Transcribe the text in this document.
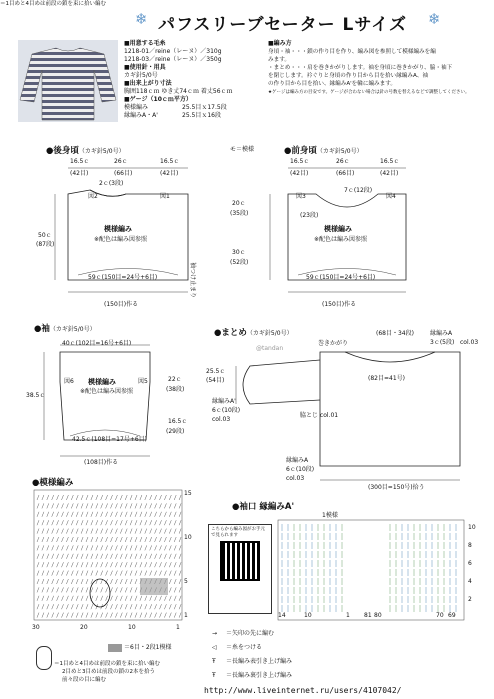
❄ パフスリーブセーター Lサイズ ❄
■用意する毛糸
1218-01／reine（レーヌ）／310g
1218-03／reine（レーヌ）／350g
■使用針・用具
カギ針5/0号
■出来上がり寸法
胸囲118ｃｍ ゆき丈74ｃｍ 着丈56ｃｍ
■ゲージ（10ｃｍ平方）
模様編み	25.5目ｘ17.5段
縁編みA・A'	25.5目ｘ16段
■編み方
身頃・袖・・・鎖の作り目を作り、編み図を参照して模様編みを編
みます。
・まとめ・・・肩を巻きかがりします。袖を身頃に巻きかがり、脇・袖下
を閉じします。衿ぐりと身頃の作り目から目を拾い縁編みA、袖
の作り目から目を拾い、縁編みA'を輪に編みます。
★ゲージは編み方の目安です。ゲージが合わない場合は針の号数を替えるなどで調整してください。
●後身頃（カギ針5/0号）
16.5ｃ	26ｃ	16.5ｃ
(42目)	(66目)	(42目)
2ｃ(3段)
図2	図1
模様編み
※配色は編み図参照
50ｃ
(87段)
59ｃ(150目=24号+6目)
(150目)作る
袖つけ止まり
モ＝模様	●前身頃（カギ針5/0号）
16.5ｃ	26ｃ	16.5ｃ
(42目)	(66目)	(42目)
7ｃ(12段)
(23段)
図3	図4
模様編み
※配色は編み図参照
20ｃ
(35段)
30ｃ
(52段)
59ｃ(150目=24号+6目)
(150目)作る
●袖（カギ針5/0号）
40ｃ(102目=16号+6目)
図5
図6 模様編み
※配色は編み図参照
38.5ｃ
22ｃ
(38段)
16.5ｃ
(29段)
42.5ｃ(108目=17号+6目)
(108目)作る
●まとめ（カギ針5/0号）	(68目・34段)	縁編みA
3ｃ(5段) col.03
巻きかがり
(82目=41号)
@tandan
縁編みA'
6ｃ(10段)
col.03
25.5ｃ
(54目)
脇とじ col.01
縁編みA
6ｃ(10段)
col.03
(300目=150号)拾う
●模様編み
15
10
5
1
30	20	10	1
＝6目・2段1模様
＝1目めと4目めは前段の鎖を束に拾い編む
＝1目めと4目めは前段の鎖を束に拾い編む
2目めと3目めは前段の鎖の2本を拾う
前々段の目に編む
●袖口 縁編みA'
1模様
こちらから編み図がお手元で見られます
10
8
6
4
2
14	10	1 81 80	70 69
＝矢印の先に編む
＝糸をつける
＝長編み表引き上げ編み
＝長編み裏引き上げ編み
→
◁
Ŧ
Ŧ
http://www.liveinternet.ru/users/4107042/
